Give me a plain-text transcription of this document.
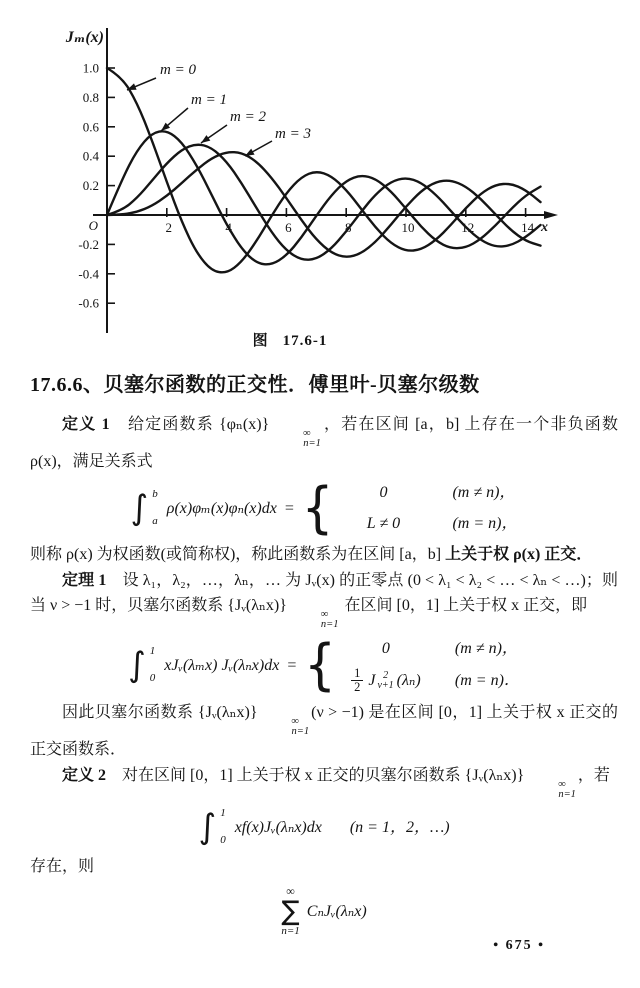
2	4	6	8	10	12	14
1.0
0.8
0.6
0.4
0.2
-0.2
-0.4
-0.6
O
Jₘ(x)
x
m = 0
m = 1
m = 2
m = 3
图 17.6-1
17.6.6、贝塞尔函数的正交性．傅里叶-贝塞尔级数

定义 1　给定函数系 {φₙ(x)}
∞
n=1
，若在区间 [a，b] 上存在一个非负函数 ρ(x)，满足关系式

∫ b
a
ρ(x)φₘ(x)φₙ(x)dx = {	0	(m ≠ n)，
L ≠ 0	(m = n)，

则称 ρ(x) 为权函数(或简称权)，称此函数系为在区间 [a，b] 上关于权 ρ(x) 正交．

定理 1　设 λ₁，λ₂，…，λₙ，… 为 Jᵥ(x) 的正零点 (0 < λ₁ < λ₂ < … < λₙ < …)；则当 ν > −1 时，贝塞尔函数系 {Jᵥ(λₙx)}
∞
n=1
在区间 [0，1] 上关于权 x 正交，即

∫ 1
0
xJᵥ(λₘx) Jᵥ(λₙx)dx = {	0	(m ≠ n)，
$\frac{1}{2}$ J 2
ν+1 (λₙ) (m = n)．

因此贝塞尔函数系 {Jᵥ(λₙx)}
∞
n=1
(ν > −1) 是在区间 [0，1] 上关于权 x 正交的正交函数系．

定义 2　对在区间 [0，1] 上关于权 x 正交的贝塞尔函数系 {Jᵥ(λₙx)}
∞
n=1
，若

∫ 1
0
xf(x)Jᵥ(λₙx)dx (n = 1，2，…)

存在，则

∞
∑
n=1
CₙJᵥ(λₙx)
• 675 •
